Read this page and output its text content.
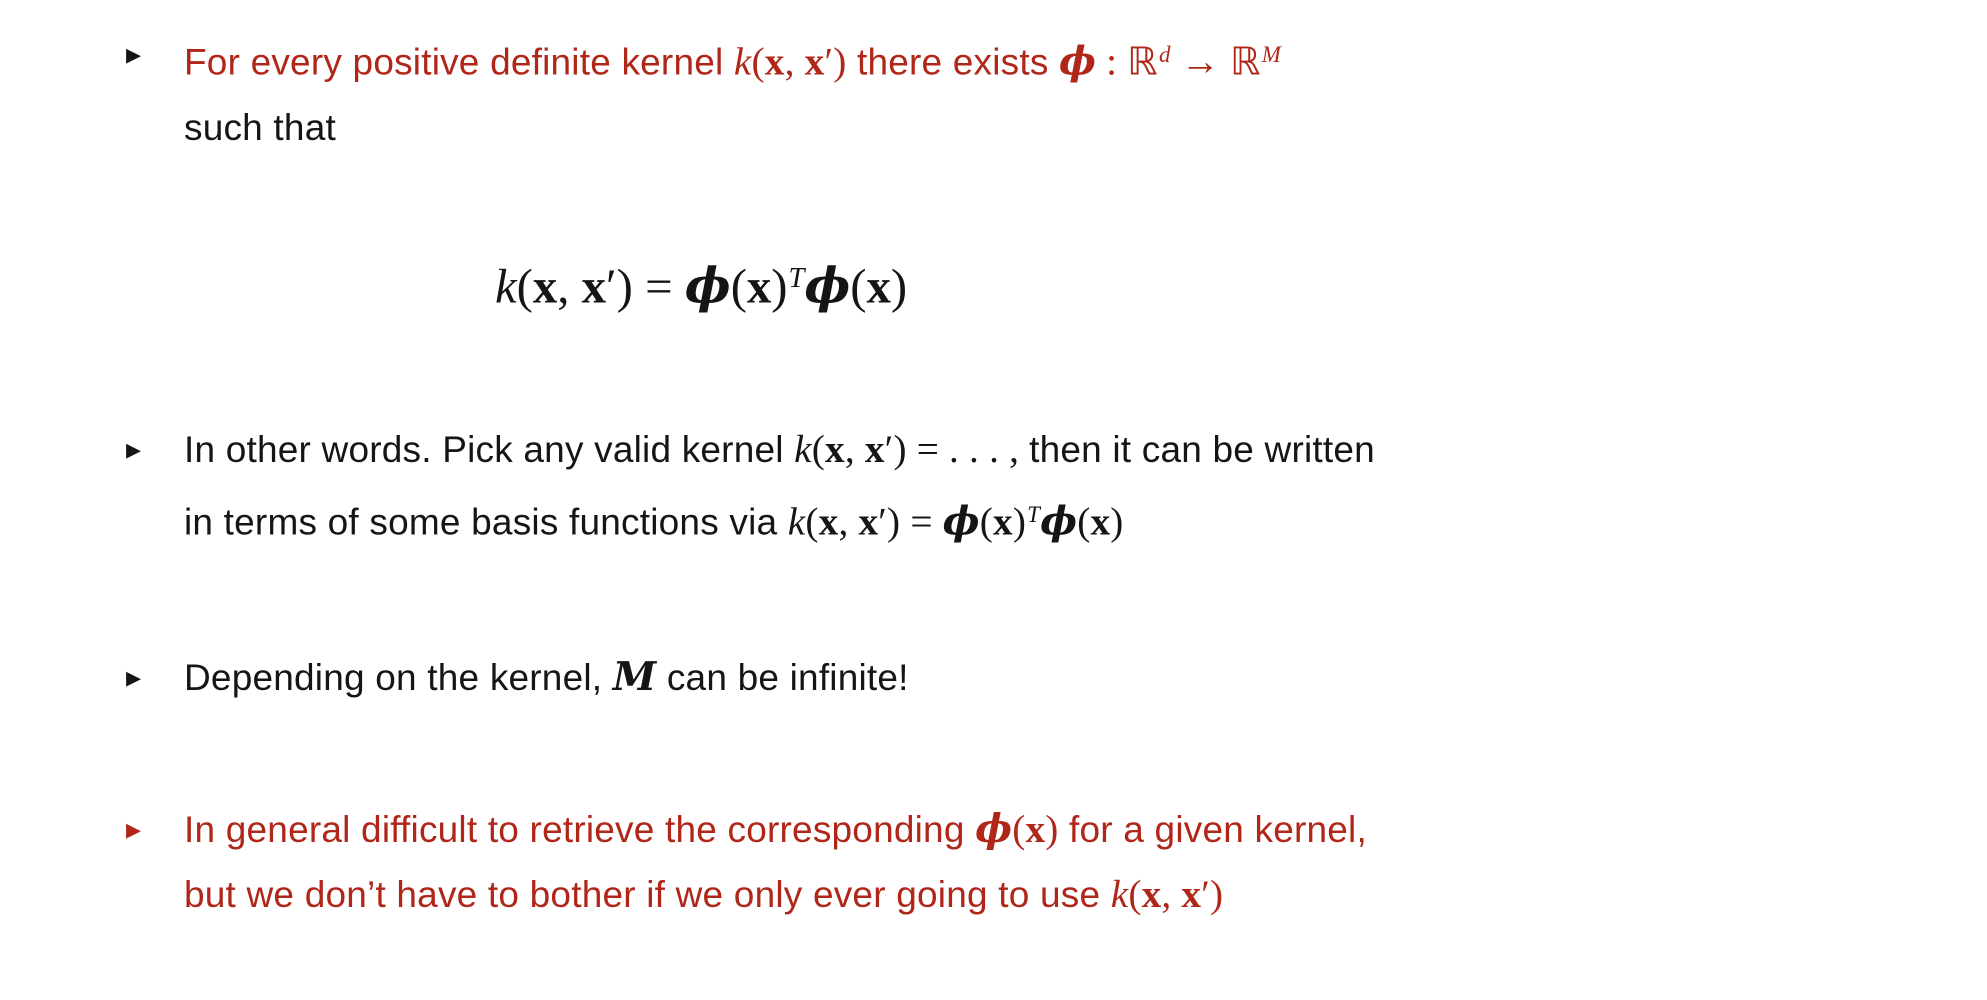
▸	For every positive definite kernel k(x, x′) there exists ϕ : ℝ$^d$ → ℝ$^M$
such that
k(x, $x') = \phi(x)^T\phi(x)$
▸	In other words. Pick any valid kernel k(x, x′) = . . . , then it can be written
in terms of some basis functions via k(x, $x') = \phi(x)^T\phi(x)$
▸	Depending on the kernel, M can be infinite!
▸	In general difficult to retrieve the corresponding ϕ(x) for a given kernel,
but we don’t have to bother if we only ever going to use k(x, x′)
